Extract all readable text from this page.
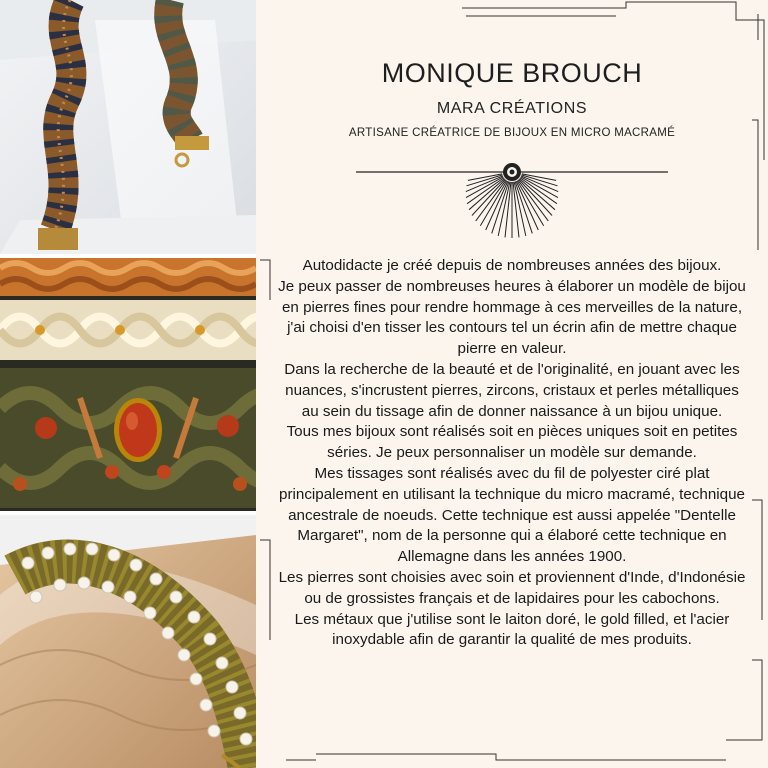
MONIQUE BROUCH
MARA CRÉATIONS
ARTISANE CRÉATRICE DE BIJOUX EN MICRO MACRAMÉ

Autodidacte je créé depuis de nombreuses années des bijoux.

Je peux passer de nombreuses heures à élaborer un modèle de bijou en pierres fines pour rendre hommage à ces merveilles de la nature, j'ai choisi d'en tisser les contours tel un écrin afin de mettre chaque pierre en valeur.

Dans la recherche de la beauté et de l'originalité, en jouant avec les nuances, s'incrustent pierres, zircons, cristaux et perles métalliques au sein du tissage afin de donner naissance à un bijou unique.

Tous mes bijoux sont réalisés soit en pièces uniques soit en petites séries. Je peux personnaliser un modèle sur demande.

Mes tissages sont réalisés avec du fil de polyester ciré plat principalement en utilisant la technique du micro macramé, technique ancestrale de noeuds. Cette technique est aussi appelée "Dentelle Margaret", nom de la personne qui a élaboré cette technique en Allemagne dans les années 1900.

Les pierres sont choisies avec soin et proviennent d'Inde, d'Indonésie ou de grossistes français et de lapidaires pour les cabochons.

Les métaux que j'utilise sont le laiton doré, le gold filled, et l'acier inoxydable afin de garantir la qualité de mes produits.
